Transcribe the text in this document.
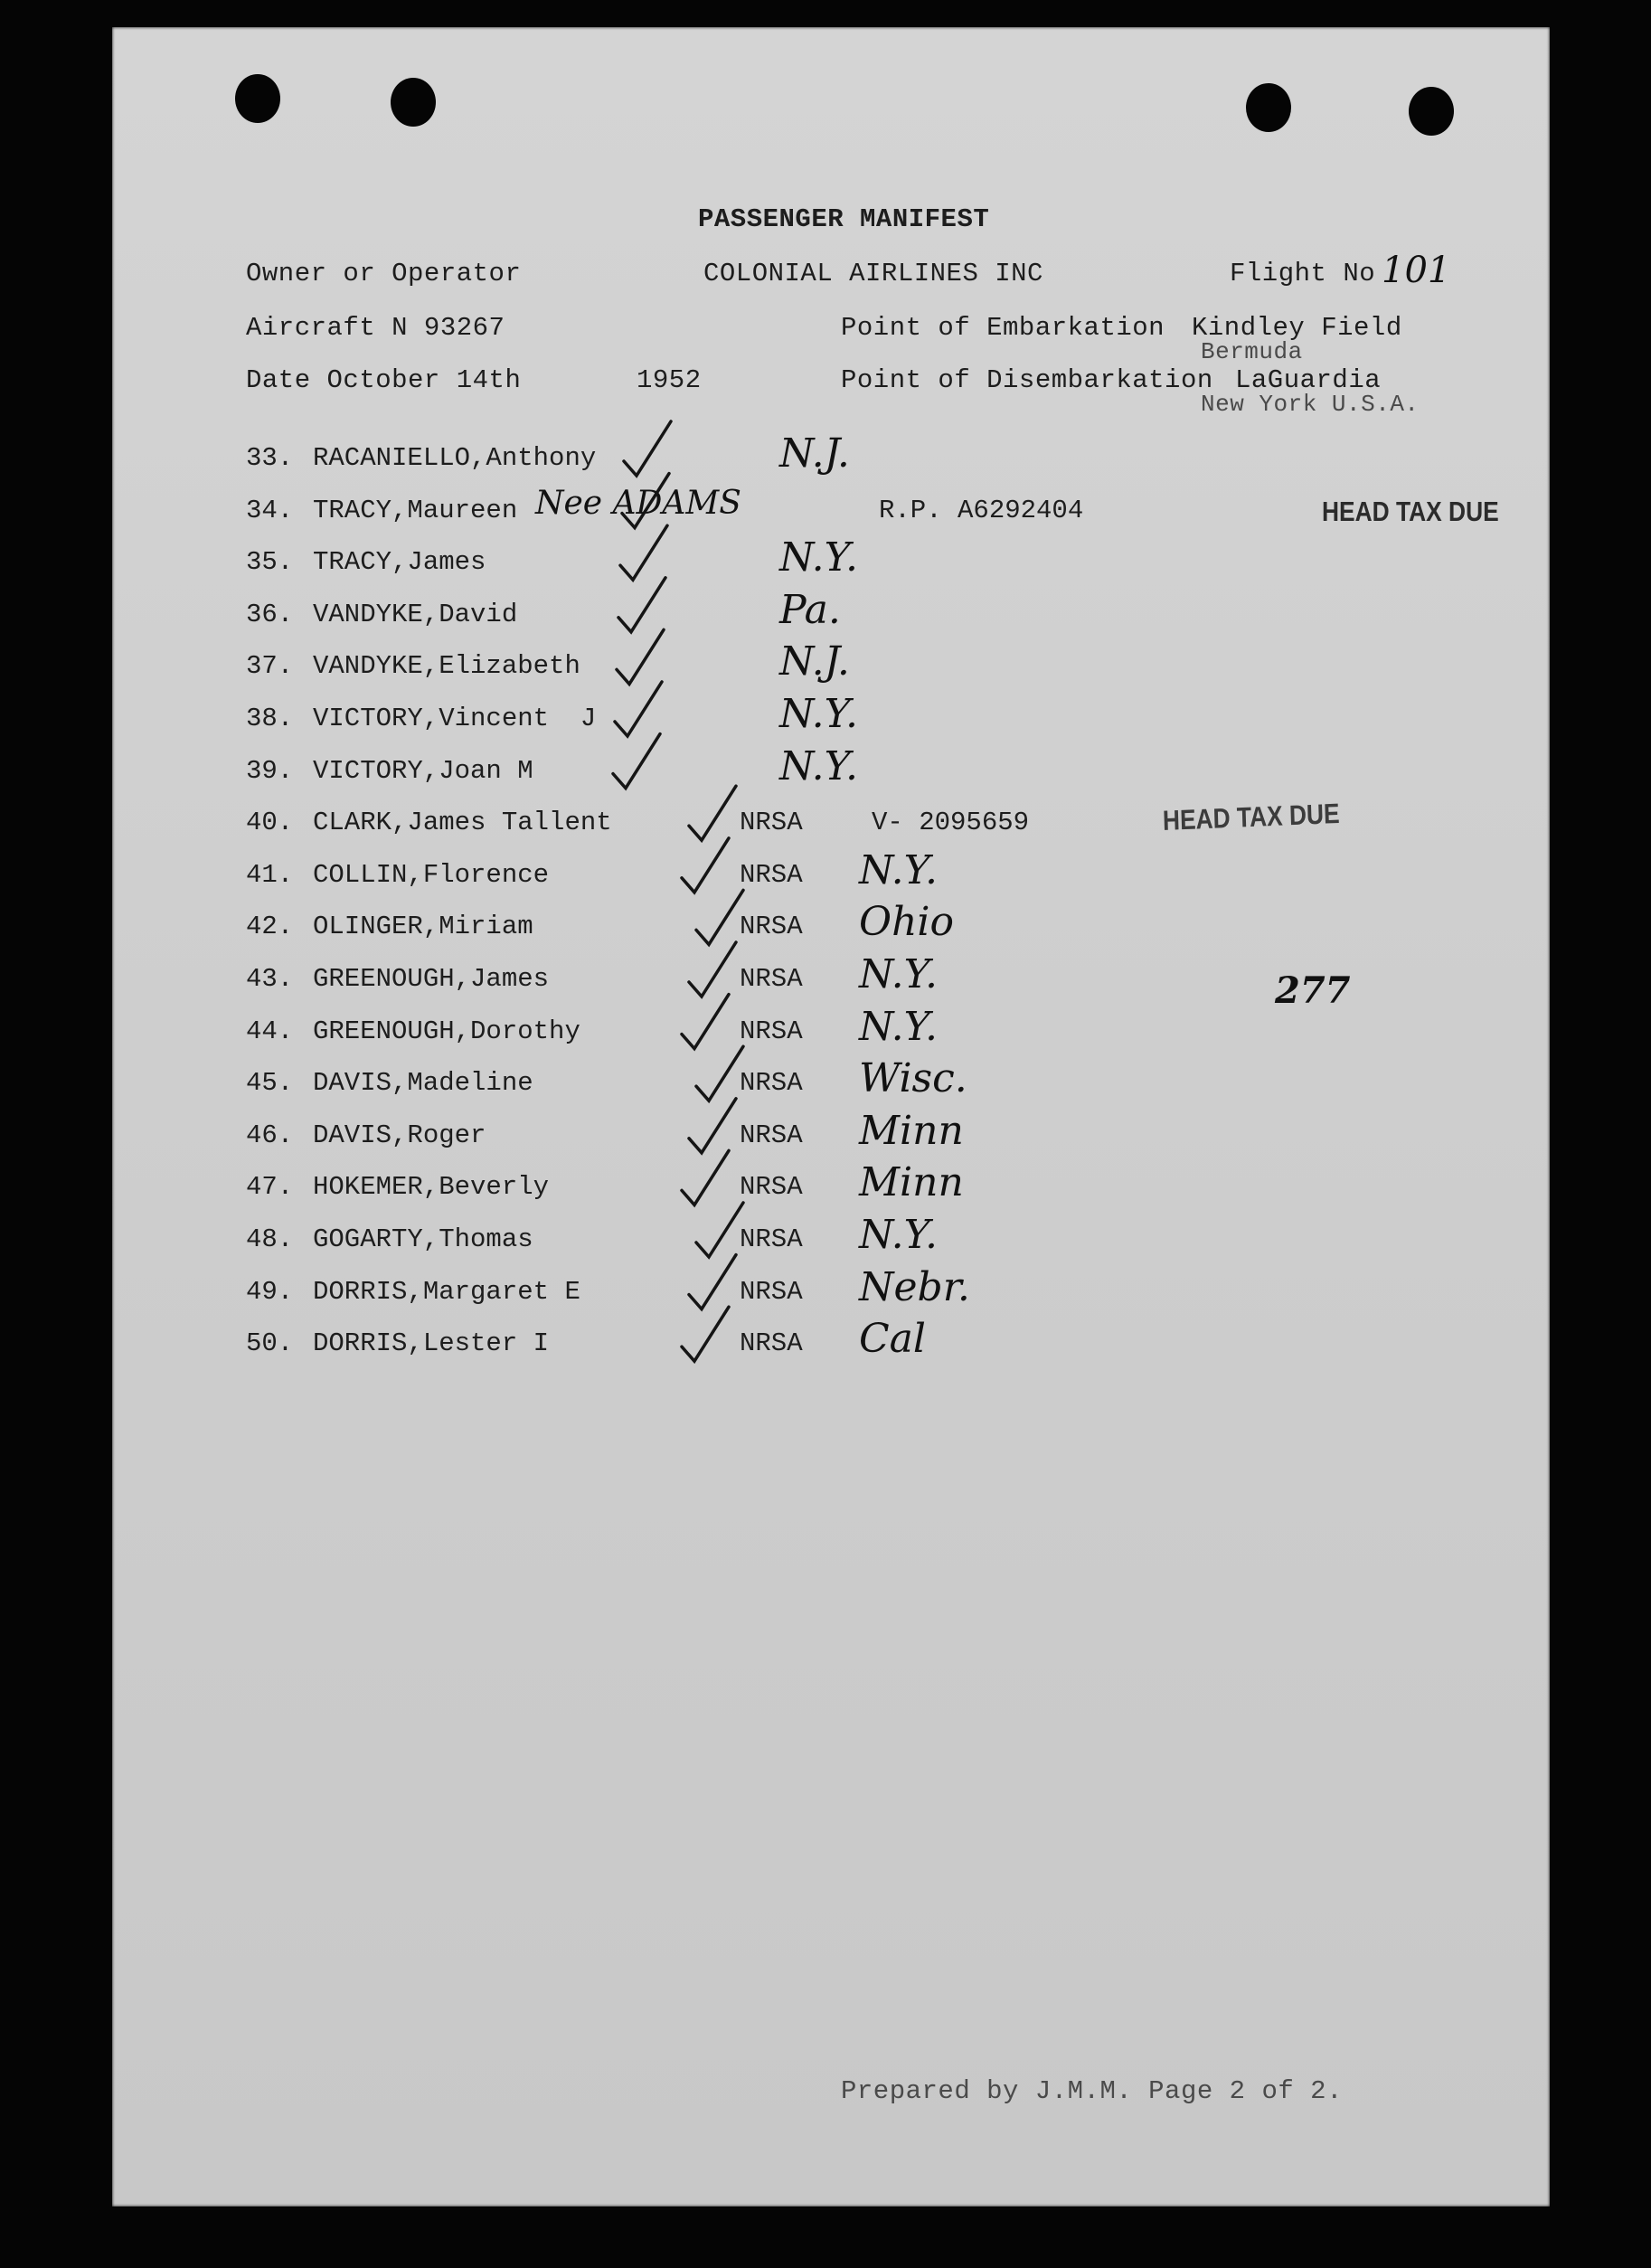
PASSENGER MANIFEST
Owner or Operator	COLONIAL AIRLINES INC	Flight No 101
Aircraft N 93267	Point of Embarkation Kindley Field
Bermuda
Date October 14th	1952	Point of Disembarkation LaGuardia
New York U.S.A.
33. RACANIELLO,Anthony	N.J.
34. TRACY,Maureen Nee ADAMS	R.P. A6292404
35. TRACY,James	N.Y.
36. VANDYKE,David	Pa.
37. VANDYKE,Elizabeth	N.J.
38. VICTORY,Vincent  J	N.Y.
39. VICTORY,Joan M	N.Y.
40. CLARK,James Tallent	NRSA	V- 2095659
41. COLLIN,Florence	NRSA N.Y.
42. OLINGER,Miriam	NRSA Ohio
43. GREENOUGH,James	NRSA N.Y.
44. GREENOUGH,Dorothy	NRSA N.Y.
45. DAVIS,Madeline	NRSA Wisc.
46. DAVIS,Roger	NRSA Minn
47. HOKEMER,Beverly	NRSA Minn
48. GOGARTY,Thomas	NRSA N.Y.
49. DORRIS,Margaret E	NRSA Nebr.
50. DORRIS,Lester I	NRSA Cal
HEAD TAX DUE
HEAD TAX DUE
277
Prepared by J.M.M. Page 2 of 2.
